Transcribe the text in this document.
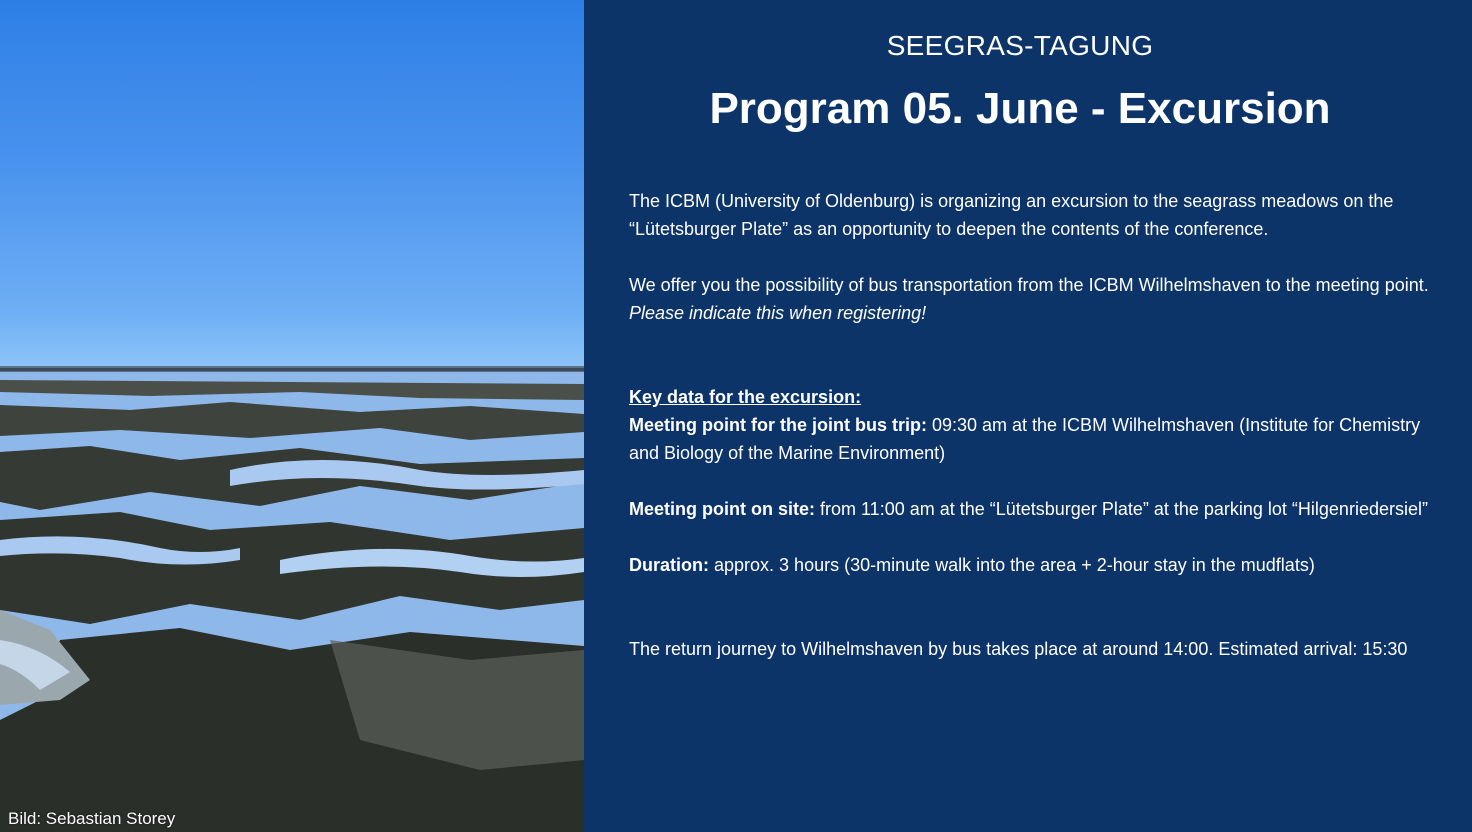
Bild: Sebastian Storey
SEEGRAS-TAGUNG
Program 05. June - Excursion

The ICBM (University of Oldenburg) is organizing an excursion to the seagrass meadows on the “Lütetsburger Plate” as an opportunity to deepen the contents of the conference.

We offer you the possibility of bus transportation from the ICBM Wilhelmshaven to the meeting point.

Please indicate this when registering!

Key data for the excursion:

Meeting point for the joint bus trip: 09:30 am at the ICBM Wilhelmshaven (Institute for Chemistry and Biology of the Marine Environment)

Meeting point on site: from 11:00 am at the “Lütetsburger Plate” at the parking lot “Hilgenriedersiel”

Duration: approx. 3 hours (30-minute walk into the area + 2-hour stay in the mudflats)

The return journey to Wilhelmshaven by bus takes place at around 14:00. Estimated arrival: 15:30
